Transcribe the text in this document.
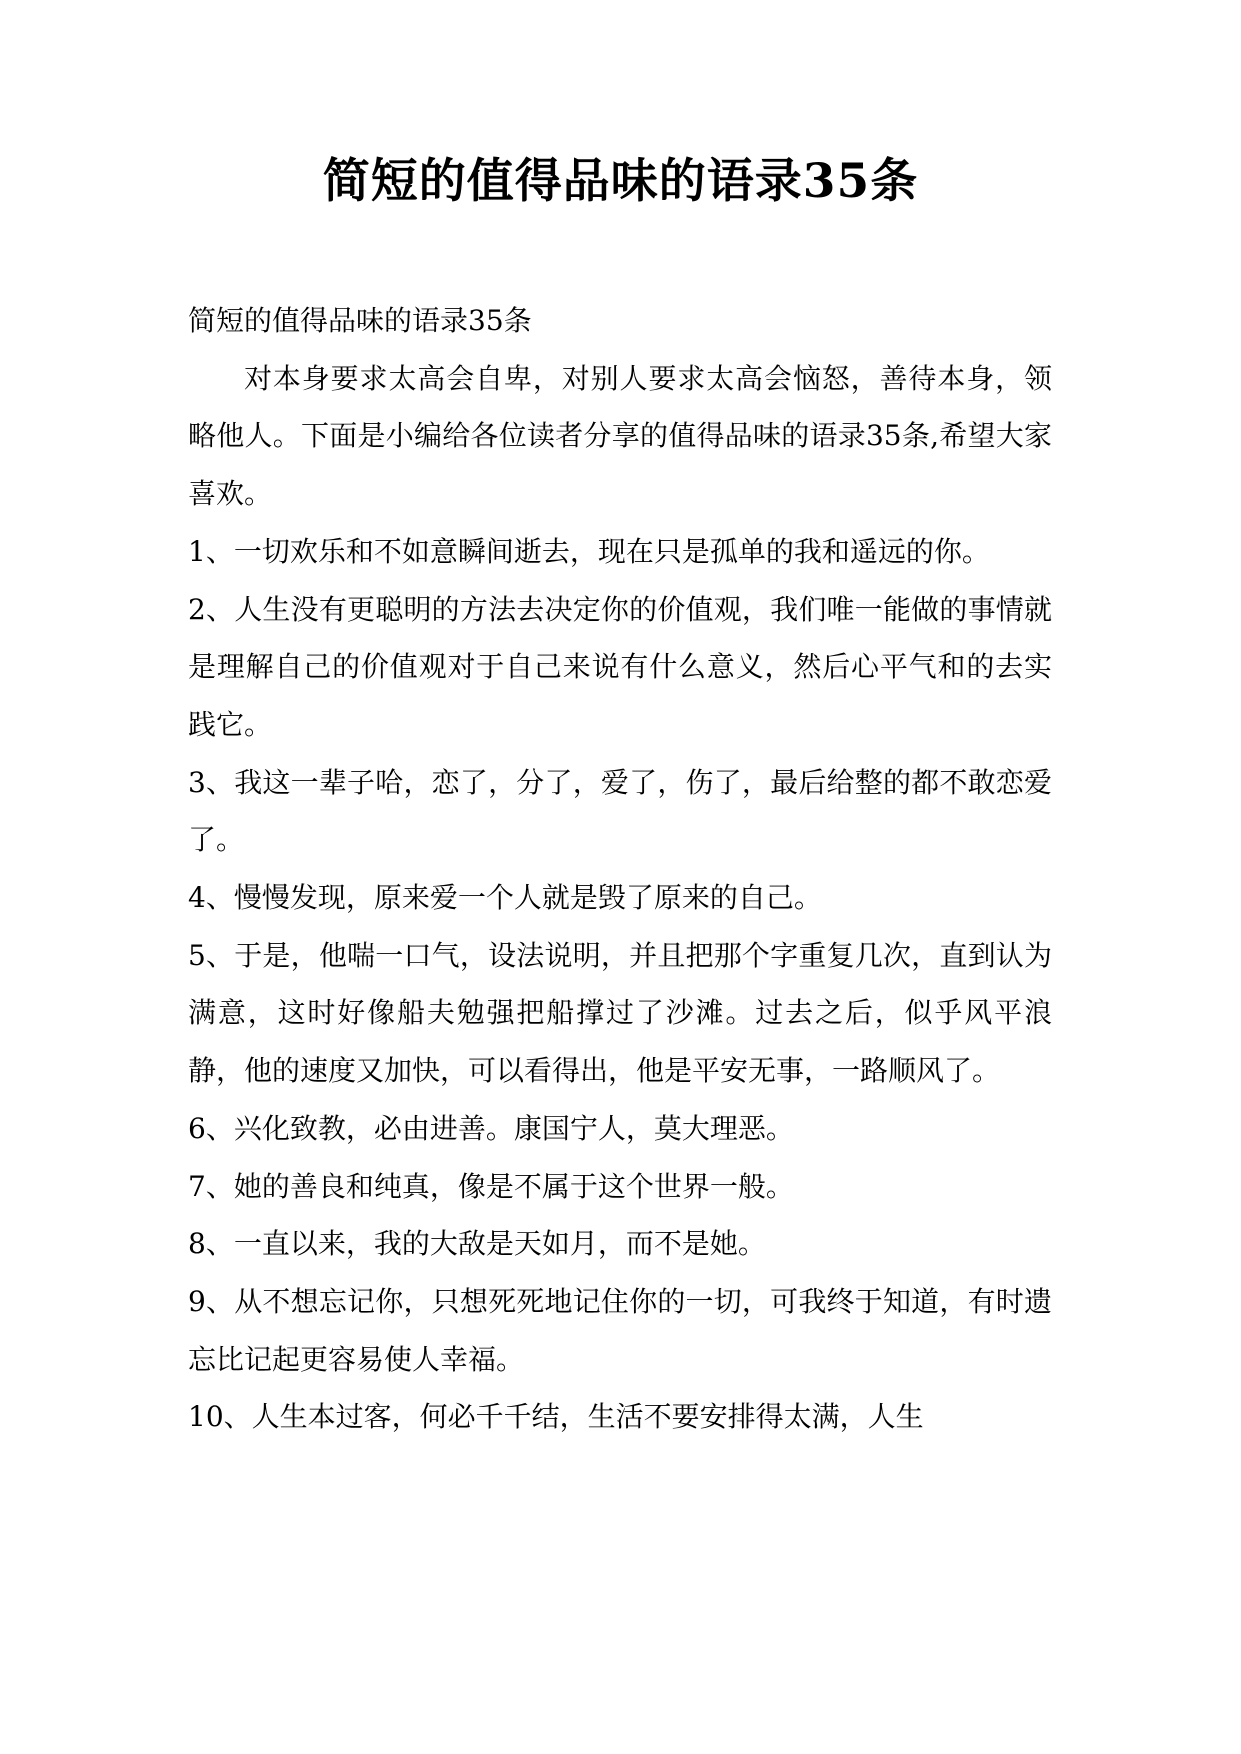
简短的值得品味的语录35条

简短的值得品味的语录35条

对本身要求太高会自卑，对别人要求太高会恼怒，善待本身，领略他人。下面是小编给各位读者分享的值得品味的语录35条,希望大家喜欢。

1、一切欢乐和不如意瞬间逝去，现在只是孤单的我和遥远的你。

2、人生没有更聪明的方法去决定你的价值观，我们唯一能做的事情就是理解自己的价值观对于自己来说有什么意义，然后心平气和的去实践它。

3、我这一辈子哈，恋了，分了，爱了，伤了，最后给整的都不敢恋爱了。

4、慢慢发现，原来爱一个人就是毁了原来的自己。

5、于是，他喘一口气，设法说明，并且把那个字重复几次，直到认为满意，这时好像船夫勉强把船撑过了沙滩。过去之后，似乎风平浪静，他的速度又加快，可以看得出，他是平安无事，一路顺风了。

6、兴化致教，必由进善。康国宁人，莫大理恶。

7、她的善良和纯真，像是不属于这个世界一般。

8、一直以来，我的大敌是天如月，而不是她。

9、从不想忘记你，只想死死地记住你的一切，可我终于知道，有时遗忘比记起更容易使人幸福。

10、人生本过客，何必千千结，生活不要安排得太满，人生
